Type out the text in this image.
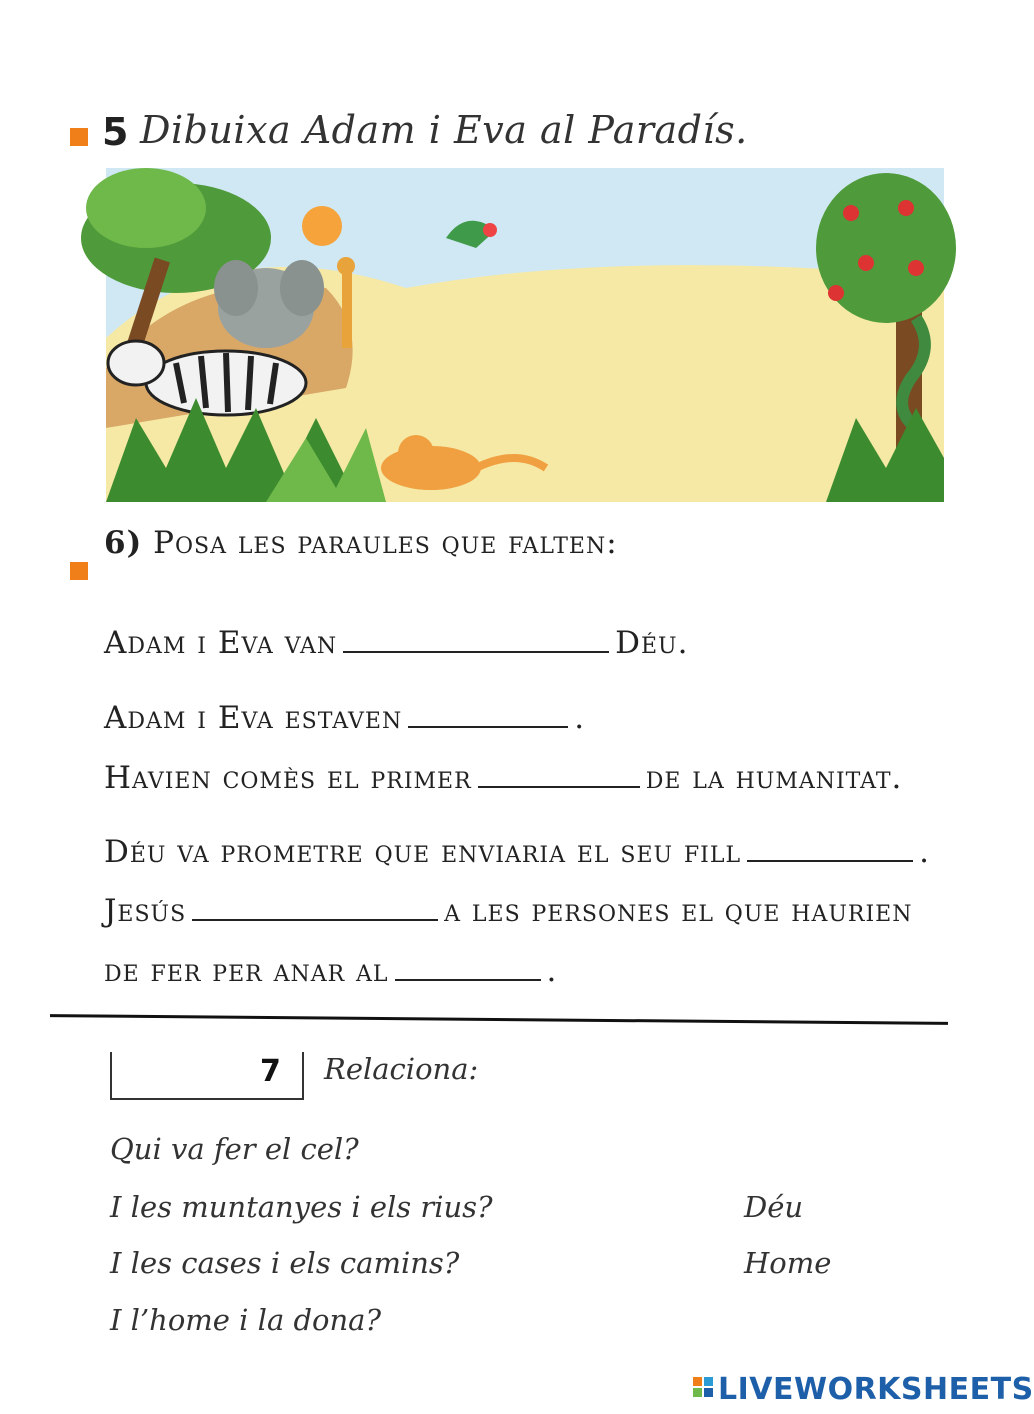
5 Dibuixa Adam i Eva al Paradís.
6) Posa les paraules que falten:
Adam i Eva van	Déu.
Adam i Eva estaven	.
Havien comès el primer	de la humanitat.
Déu va prometre que enviaria el seu fill	.
Jesús	a les persones el que haurien
de fer per anar al	.
7 Relaciona:
Qui va fer el cel?
I les muntanyes i els rius?
I les cases i els camins?
I l’home i la dona?
Déu
Home
LIVEWORKSHEETS
